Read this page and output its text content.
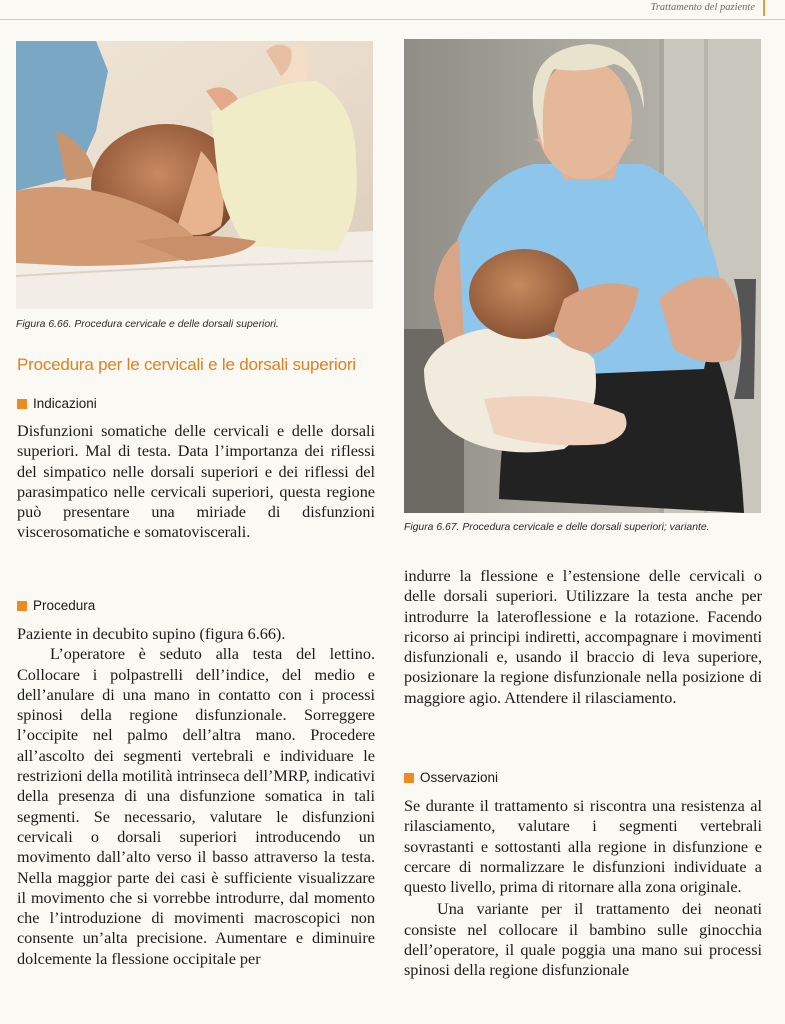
Trattamento del paziente
Figura 6.66. Procedura cervicale e delle dorsali superiori.
Figura 6.67. Procedura cervicale e delle dorsali superiori; variante.
Procedura per le cervicali e le dorsali superiori
Indicazioni

Disfunzioni somatiche delle cervicali e delle dorsali superiori. Mal di testa. Data l’importanza dei riflessi del simpatico nelle dorsali superiori e dei riflessi del parasimpatico nelle cervicali superiori, questa regione può presentare una miriade di disfunzioni viscerosomatiche e somatoviscerali.

Procedura

Paziente in decubito supino (figura 6.66).

L’operatore è seduto alla testa del lettino. Collocare i polpastrelli dell’indice, del medio e dell’anulare di una mano in contatto con i processi spinosi della regione disfunzionale. Sorreggere l’occipite nel palmo dell’altra mano. Procedere all’ascolto dei segmenti vertebrali e individuare le restrizioni della motilità intrinseca dell’MRP, indicativi della presenza di una disfunzione somatica in tali segmenti. Se necessario, valutare le disfunzioni cervicali o dorsali superiori introducendo un movimento dall’alto verso il basso attraverso la testa. Nella maggior parte dei casi è sufficiente visualizzare il movimento che si vorrebbe introdurre, dal momento che l’introduzione di movimenti macroscopici non consente un’alta precisione. Aumentare e diminuire dolcemente la flessione occipitale per

indurre la flessione e l’estensione delle cervicali o delle dorsali superiori. Utilizzare la testa anche per introdurre la lateroflessione e la rotazione. Facendo ricorso ai principi indiretti, accompagnare i movimenti disfunzionali e, usando il braccio di leva superiore, posizionare la regione disfunzionale nella posizione di maggiore agio. Attendere il rilasciamento.

Osservazioni

Se durante il trattamento si riscontra una resistenza al rilasciamento, valutare i segmenti vertebrali sovrastanti e sottostanti alla regione in disfunzione e cercare di normalizzare le disfunzioni individuate a questo livello, prima di ritornare alla zona originale.

Una variante per il trattamento dei neonati consiste nel collocare il bambino sulle ginocchia dell’operatore, il quale poggia una mano sui processi spinosi della regione disfunzionale
